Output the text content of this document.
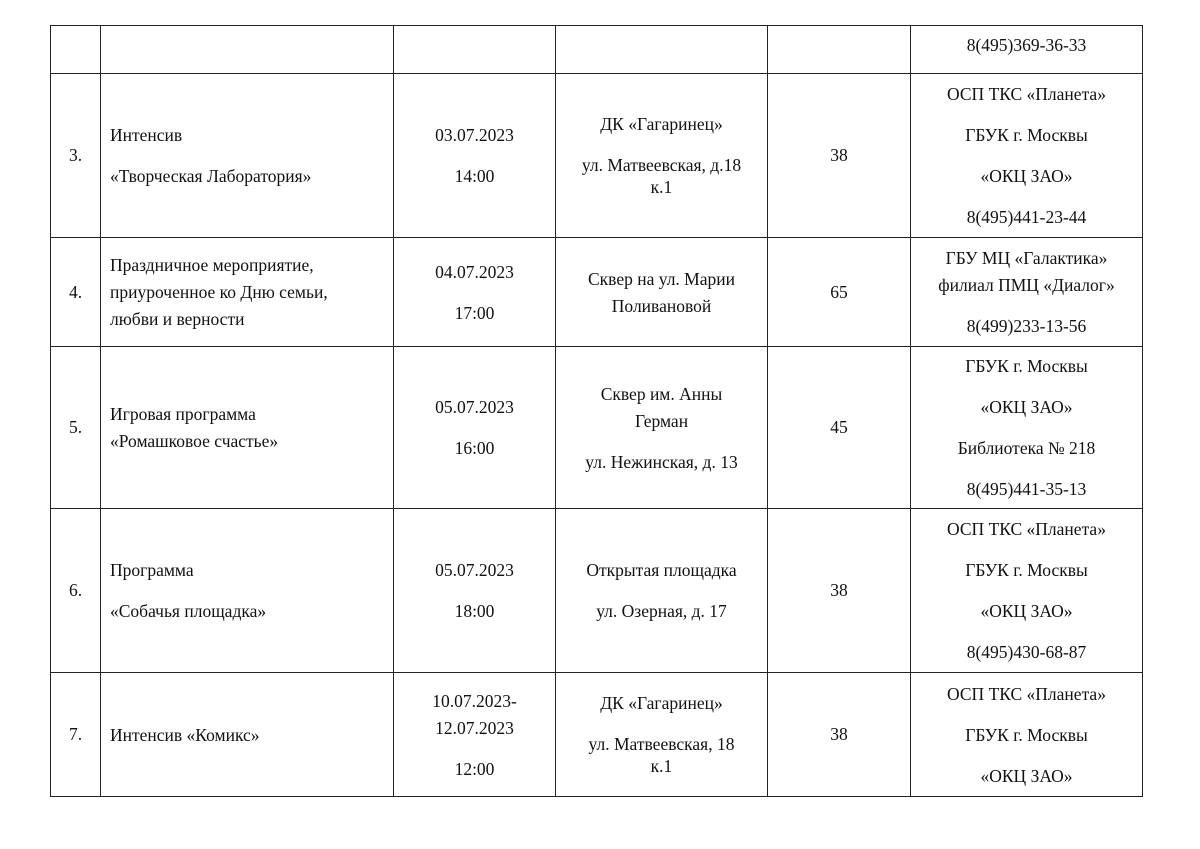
					8(495)369-36-33

3.	Интенсив
«Творческая Лаборатория»	03.07.2023
14:00	ДК «Гагаринец»
ул. Матвеевская, д.18
к.1	38	ОСП ТКС «Планета»
ГБУК г. Москвы
«ОКЦ ЗАО»
8(495)441-23-44

4.	Праздничное мероприятие,
приуроченное ко Дню семьи,
любви и верности	04.07.2023
17:00	Сквер на ул. Марии
Поливановой	65	ГБУ МЦ «Галактика»
филиал ПМЦ «Диалог»
8(499)233-13-56

5.	Игровая программа
«Ромашковое счастье»	05.07.2023
16:00	Сквер им. Анны
Герман
ул. Нежинская, д. 13	45	ГБУК г. Москвы
«ОКЦ ЗАО»
Библиотека № 218
8(495)441-35-13

6.	Программа
«Собачья площадка»	05.07.2023
18:00	Открытая площадка
ул. Озерная, д. 17	38	ОСП ТКС «Планета»
ГБУК г. Москвы
«ОКЦ ЗАО»
8(495)430-68-87

7.	Интенсив «Комикс»	10.07.2023-
12.07.2023
12:00	ДК «Гагаринец»
ул. Матвеевская, 18
к.1	38	ОСП ТКС «Планета»
ГБУК г. Москвы
«ОКЦ ЗАО»
